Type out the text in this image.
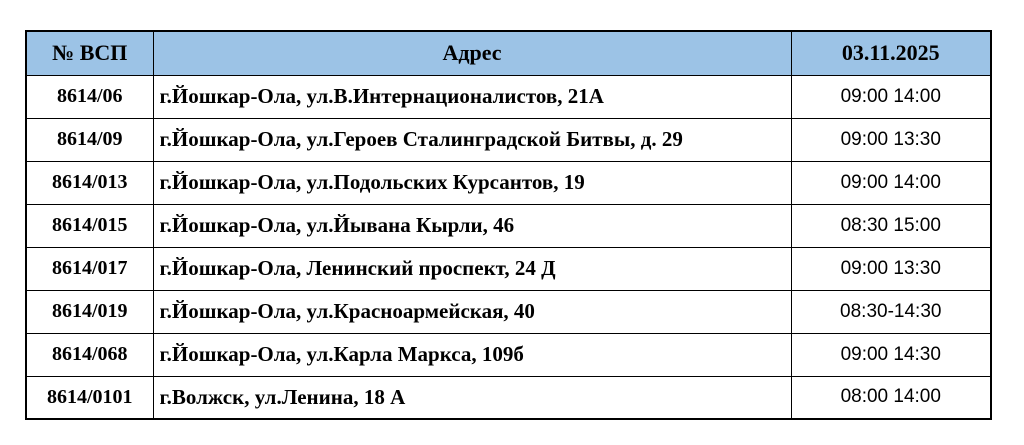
№ ВСП	Адрес	03.11.2025
8614/06	г.Йошкар-Ола, ул.В.Интернационалистов, 21А	09:00 14:00
8614/09	г.Йошкар-Ола, ул.Героев Сталинградской Битвы, д. 29	09:00 13:30
8614/013	г.Йошкар-Ола, ул.Подольских Курсантов, 19	09:00 14:00
8614/015	г.Йошкар-Ола, ул.Йывана Кырли, 46	08:30 15:00
8614/017	г.Йошкар-Ола, Ленинский проспект, 24 Д	09:00 13:30
8614/019	г.Йошкар-Ола, ул.Красноармейская, 40	08:30-14:30
8614/068	г.Йошкар-Ола, ул.Карла Маркса, 109б	09:00 14:30
8614/0101	г.Волжск, ул.Ленина, 18 А	08:00 14:00
